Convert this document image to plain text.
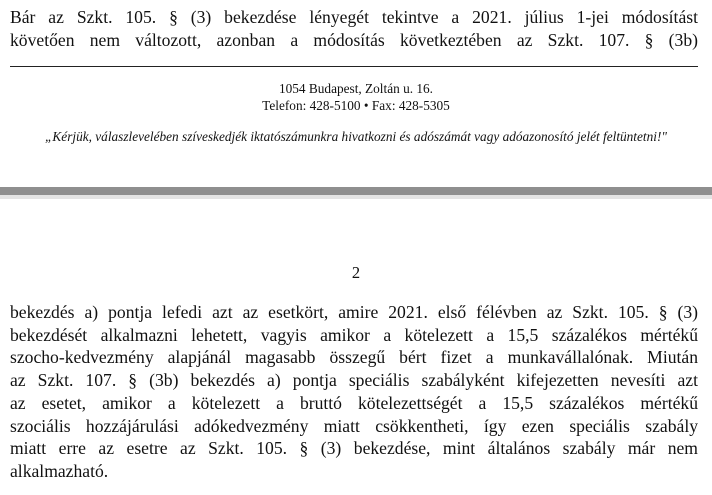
Bár az Szkt. 105. § (3) bekezdése lényegét tekintve a 2021. július 1-jei módosítást
követően nem változott, azonban a módosítás következtében az Szkt. 107. § (3b)
1054 Budapest, Zoltán u. 16.
Telefon: 428-5100 • Fax: 428-5305
„Kérjük, válaszlevelében szíveskedjék iktatószámunkra hivatkozni és adószámát vagy adóazonosító jelét feltüntetni!"
2
bekezdés a) pontja lefedi azt az esetkört, amire 2021. első félévben az Szkt. 105. § (3)
bekezdését alkalmazni lehetett, vagyis amikor a kötelezett a 15,5 százalékos mértékű
szocho-kedvezmény alapjánál magasabb összegű bért fizet a munkavállalónak. Miután
az Szkt. 107. § (3b) bekezdés a) pontja speciális szabályként kifejezetten nevesíti azt
az esetet, amikor a kötelezett a bruttó kötelezettségét a 15,5 százalékos mértékű
szociális hozzájárulási adókedvezmény miatt csökkentheti, így ezen speciális szabály
miatt erre az esetre az Szkt. 105. § (3) bekezdése, mint általános szabály már nem
alkalmazható.
